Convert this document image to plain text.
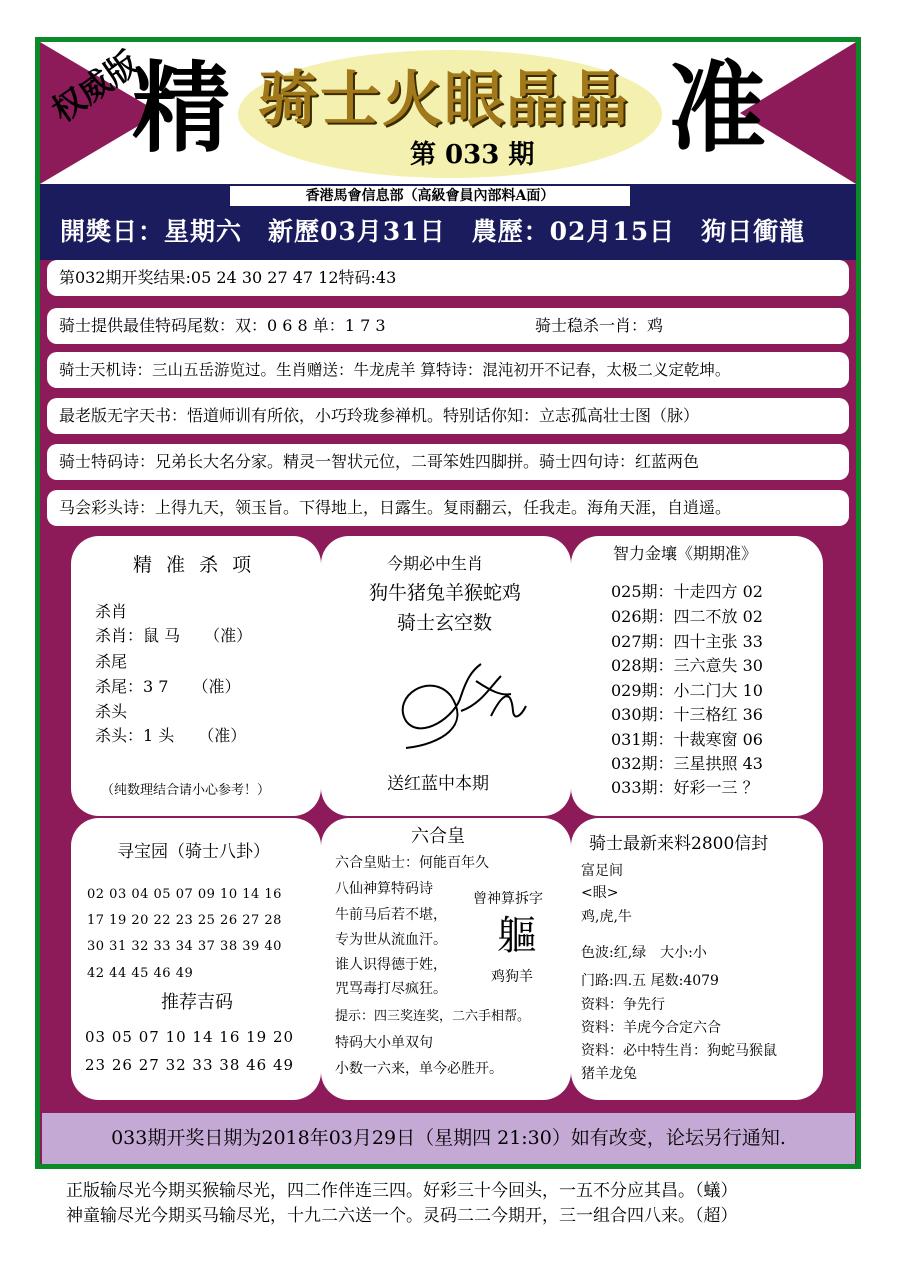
权威版
精	准
骑士火眼晶晶
第 033 期
香港馬會信息部（高級會員內部料A面）
開獎日：星期六　新歷03月31日　農歷：02月15日　狗日衝龍
第032期开奖结果:05 24 30 27 47 12特码:43
骑士提供最佳特码尾数：双：0 6 8 单：1 7 3	骑士稳杀一肖：鸡
骑士天机诗：三山五岳游览过。生肖赠送：牛龙虎羊 算特诗：混沌初开不记春，太极二义定乾坤。
最老版无字天书：悟道师训有所依，小巧玲珑参禅机。特别话你知：立志孤高壮士图（脉）
骑士特码诗：兄弟长大名分家。精灵一智状元位，二哥笨姓四脚拼。骑士四句诗：红蓝两色
马会彩头诗：上得九天，领玉旨。下得地上，日露生。复雨翻云，任我走。海角天涯，自逍遥。
精 准 杀 项
杀肖
杀肖：鼠 马　　（准）
杀尾
杀尾：3 7　　（准）
杀头
杀头：1 头　　（准）
（纯数理结合请小心参考！）
今期必中生肖
狗牛猪兔羊猴蛇鸡
骑士玄空数
送红蓝中本期
智力金壤《期期准》
025期：十走四方 02
026期：四二不放 02
027期：四十主张 33
028期：三六意失 30
029期：小二门大 10
030期：十三格红 36
031期：十裁寒窗 06
032期：三星拱照 43
033期：好彩一三 ？
寻宝园（骑士八卦）
02 03 04 05 07 09 10 14 16
17 19 20 22 23 25 26 27 28
30 31 32 33 34 37 38 39 40
42 44 45 46 49
推荐吉码
03 05 07 10 14 16 19 20
23 26 27 32 33 38 46 49
六合皇
六合皇贴士：何能百年久
八仙神算特码诗
牛前马后若不堪，
专为世从流血汗。
谁人识得德于姓，
咒骂毒打尽疯狂。
提示：四三奖连奖，二六手相帮。
特码大小单双句
小数一六来，单今必胜开。
曾神算拆字
軀
鸡狗羊
骑士最新来料2800信封
富足间
<眼>
鸡,虎,牛
色波:红,绿　大小:小
门路:四.五 尾数:4079
资料：争先行
资料：羊虎今合定六合
资料：必中特生肖：狗蛇马猴鼠
猪羊龙兔
033期开奖日期为2018年03月29日（星期四 21:30）如有改变，论坛另行通知.
正版输尽光今期买猴输尽光，四二作伴连三四。好彩三十今回头，一五不分应其昌。（蟻）
神童输尽光今期买马输尽光，十九二六送一个。灵码二二今期开，三一组合四八来。（超）
